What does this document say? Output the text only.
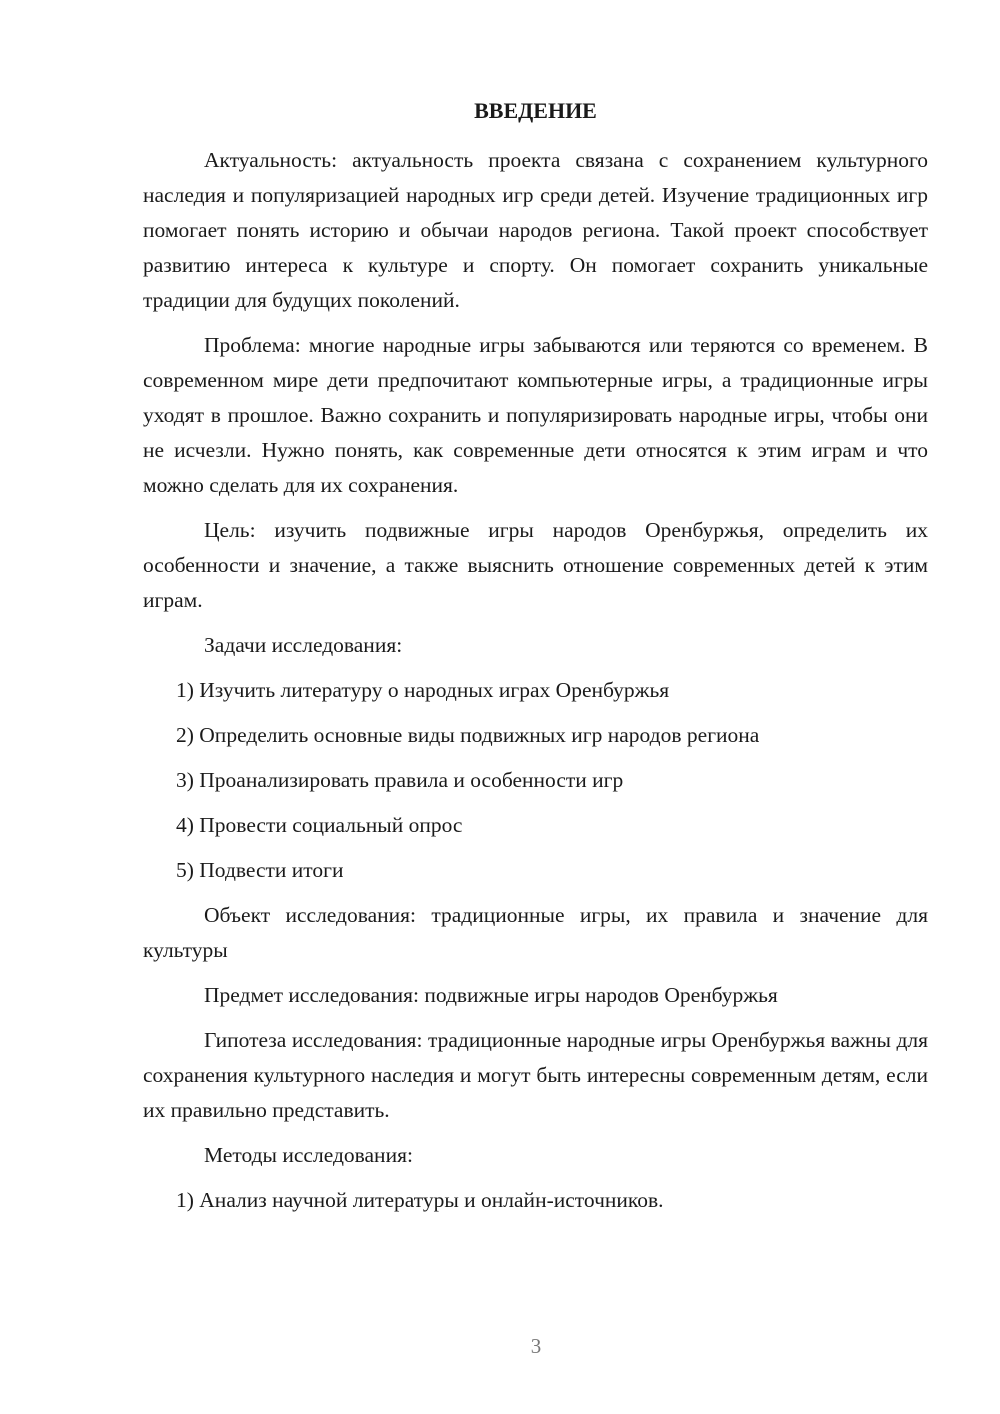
ВВЕДЕНИЕ

Актуальность: актуальность проекта связана с сохранением культурного наследия и популяризацией народных игр среди детей. Изучение традиционных игр помогает понять историю и обычаи народов региона. Такой проект способствует развитию интереса к культуре и спорту. Он помогает сохранить уникальные традиции для будущих поколений.

Проблема: многие народные игры забываются или теряются со временем. В современном мире дети предпочитают компьютерные игры, а традиционные игры уходят в прошлое. Важно сохранить и популяризировать народные игры, чтобы они не исчезли. Нужно понять, как современные дети относятся к этим играм и что можно сделать для их сохранения.

Цель: изучить подвижные игры народов Оренбуржья, определить их особенности и значение, а также выяснить отношение современных детей к этим играм.

Задачи исследования:

1) Изучить литературу о народных играх Оренбуржья

2) Определить основные виды подвижных игр народов региона

3) Проанализировать правила и особенности игр

4) Провести социальный опрос

5) Подвести итоги

Объект исследования: традиционные игры, их правила и значение для культуры

Предмет исследования: подвижные игры народов Оренбуржья

Гипотеза исследования: традиционные народные игры Оренбуржья важны для сохранения культурного наследия и могут быть интересны современным детям, если их правильно представить.

Методы исследования:

1) Анализ научной литературы и онлайн-источников.

3
